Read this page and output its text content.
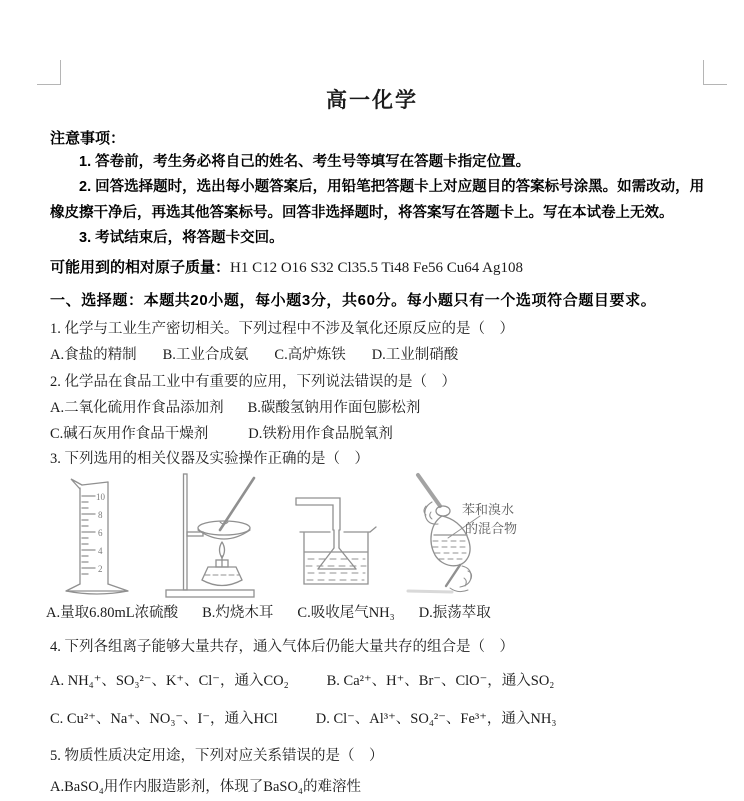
高一化学
注意事项：

1. 答卷前，考生务必将自己的姓名、考生号等填写在答题卡指定位置。

2. 回答选择题时，选出每小题答案后，用铅笔把答题卡上对应题目的答案标号涂黑。如需改动，用橡皮擦干净后，再选其他答案标号。回答非选择题时，将答案写在答题卡上。写在本试卷上无效。

3. 考试结束后，将答题卡交回。

可能用到的相对原子质量：H1 C12 O16 S32 Cl35.5 Ti48 Fe56 Cu64 Ag108
一、选择题：本题共20小题，每小题3分，共60分。每小题只有一个选项符合题目要求。
1. 化学与工业生产密切相关。下列过程中不涉及氧化还原反应的是（　）
A.食盐的精制 B.工业合成氨 C.高炉炼铁 D.工业制硝酸
2. 化学品在食品工业中有重要的应用，下列说法错误的是（　）
A.二氧化硫用作食品添加剂 B.碳酸氢钠用作面包膨松剂
C.碱石灰用作食品干燥剂	D.铁粉用作食品脱氧剂
3. 下列选用的相关仪器及实验操作正确的是（　）
10
8
6
4
2
苯和溴水
的混合物
A.量取6.80mL浓硫酸 B.灼烧木耳 C.吸收尾气NH₃ D.振荡萃取
4. 下列各组离子能够大量共存，通入气体后仍能大量共存的组合是（　）
A. NH₄⁺、SO₃²⁻、K⁺、Cl⁻，通入CO₂	B. Ca²⁺、H⁺、Br⁻、ClO⁻，通入SO₂
C. Cu²⁺、Na⁺、NO₃⁻、I⁻，通入HCl	D. Cl⁻、Al³⁺、SO₄²⁻、Fe³⁺，通入NH₃
5. 物质性质决定用途，下列对应关系错误的是（　）
A.BaSO₄用作内服造影剂，体现了BaSO₄的难溶性
